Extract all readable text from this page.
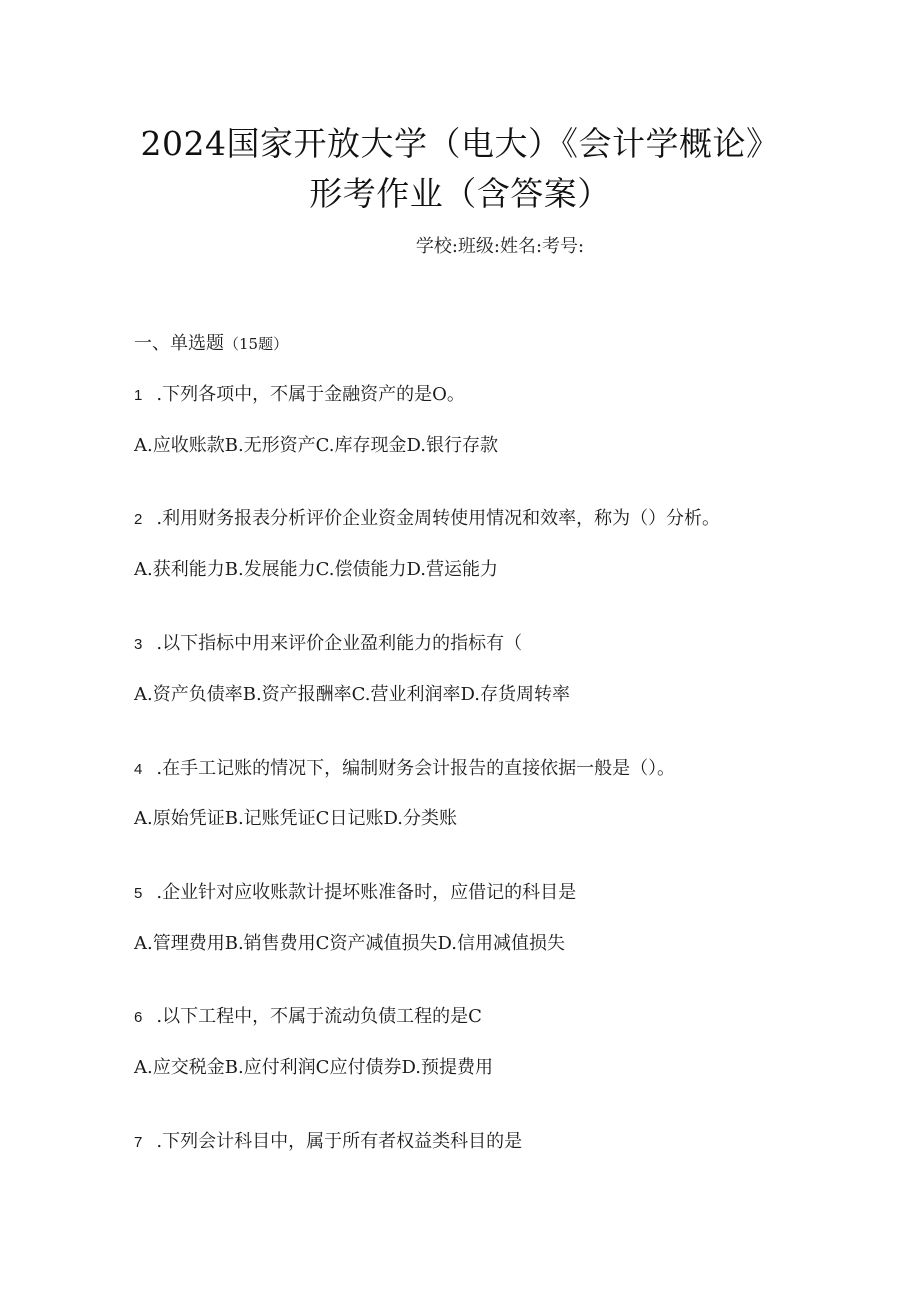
2024国家开放大学（电大）《会计学概论》
形考作业（含答案）
学校:班级:姓名:考号:
一、单选题（15题）
1 .下列各项中，不属于金融资产的是O。
A.应收账款B.无形资产C.库存现金D.银行存款
2 .利用财务报表分析评价企业资金周转使用情况和效率，称为（）分析。
A.获利能力B.发展能力C.偿债能力D.营运能力
3 .以下指标中用来评价企业盈利能力的指标有（
A.资产负债率B.资产报酬率C.营业利润率D.存货周转率
4 .在手工记账的情况下，编制财务会计报告的直接依据一般是（）。
A.原始凭证B.记账凭证C日记账D.分类账
5 .企业针对应收账款计提坏账准备时，应借记的科目是
A.管理费用B.销售费用C资产减值损失D.信用减值损失
6 .以下工程中，不属于流动负债工程的是C
A.应交税金B.应付利润C应付债券D.预提费用
7 .下列会计科目中，属于所有者权益类科目的是
